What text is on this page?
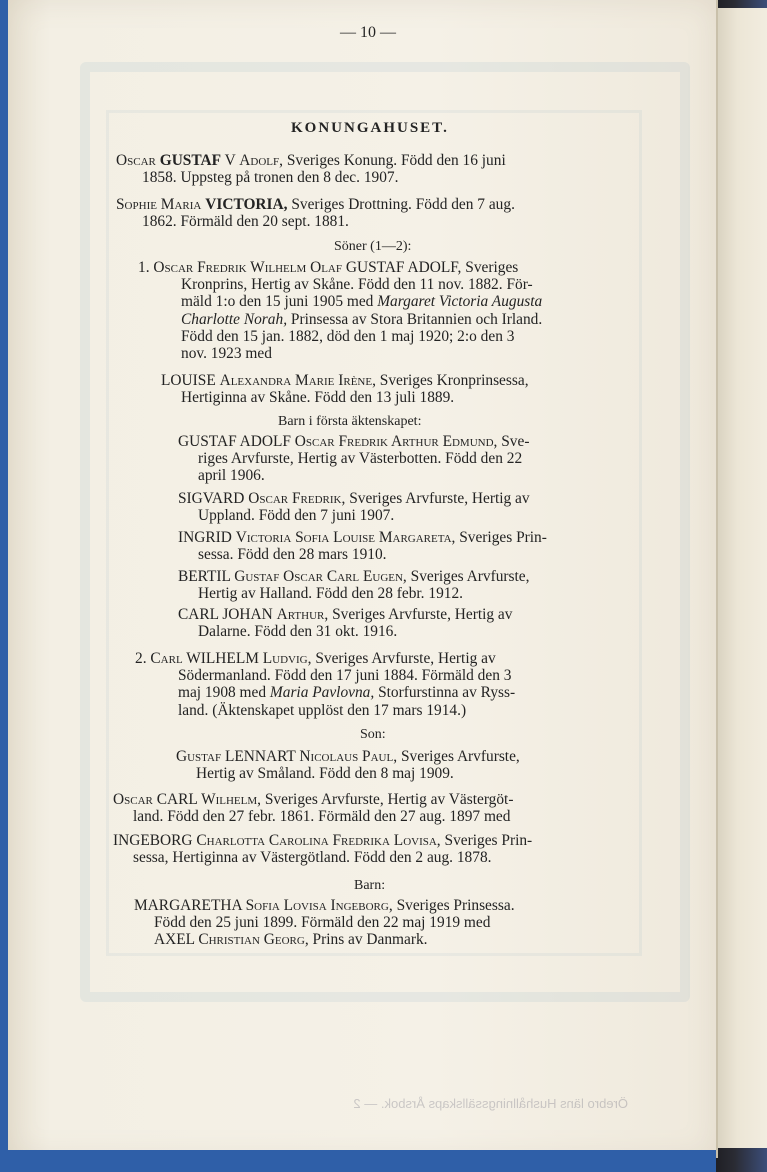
Örebro läns Hushållningssällskaps Årsbok. — 2
— 10 —
KONUNGAHUSET.

Oscar GUSTAF V Adolf, Sveriges Konung. Född den 16 juni

1858. Uppsteg på tronen den 8 dec. 1907.

Sophie Maria VICTORIA, Sveriges Drottning. Född den 7 aug.

1862. Förmäld den 20 sept. 1881.

Söner (1—2):

1. Oscar Fredrik Wilhelm Olaf GUSTAF ADOLF, Sveriges

Kronprins, Hertig av Skåne. Född den 11 nov. 1882. För-

mäld 1:o den 15 juni 1905 med Margaret Victoria Augusta

Charlotte Norah, Prinsessa av Stora Britannien och Irland.

Född den 15 jan. 1882, död den 1 maj 1920; 2:o den 3

nov. 1923 med

LOUISE Alexandra Marie Irène, Sveriges Kronprinsessa,

Hertiginna av Skåne. Född den 13 juli 1889.

Barn i första äktenskapet:

GUSTAF ADOLF Oscar Fredrik Arthur Edmund, Sve-

riges Arvfurste, Hertig av Västerbotten. Född den 22

april 1906.

SIGVARD Oscar Fredrik, Sveriges Arvfurste, Hertig av

Uppland. Född den 7 juni 1907.

INGRID Victoria Sofia Louise Margareta, Sveriges Prin-

sessa. Född den 28 mars 1910.

BERTIL Gustaf Oscar Carl Eugen, Sveriges Arvfurste,

Hertig av Halland. Född den 28 febr. 1912.

CARL JOHAN Arthur, Sveriges Arvfurste, Hertig av

Dalarne. Född den 31 okt. 1916.

2. Carl WILHELM Ludvig, Sveriges Arvfurste, Hertig av

Södermanland. Född den 17 juni 1884. Förmäld den 3

maj 1908 med Maria Pavlovna, Storfurstinna av Ryss-

land. (Äktenskapet upplöst den 17 mars 1914.)

Son:

Gustaf LENNART Nicolaus Paul, Sveriges Arvfurste,

Hertig av Småland. Född den 8 maj 1909.

Oscar CARL Wilhelm, Sveriges Arvfurste, Hertig av Västergöt-

land. Född den 27 febr. 1861. Förmäld den 27 aug. 1897 med

INGEBORG Charlotta Carolina Fredrika Lovisa, Sveriges Prin-

sessa, Hertiginna av Västergötland. Född den 2 aug. 1878.

Barn:

MARGARETHA Sofia Lovisa Ingeborg, Sveriges Prinsessa.

Född den 25 juni 1899. Förmäld den 22 maj 1919 med

AXEL Christian Georg, Prins av Danmark.
